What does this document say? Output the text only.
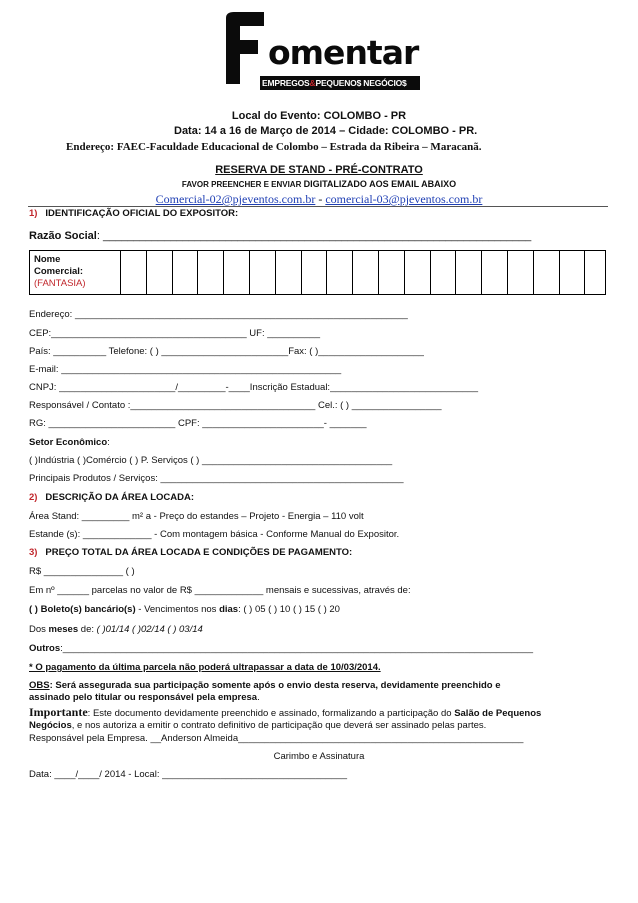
omentar
EMPREGOS&PEQUENO$ NEGÓCIO$
Local do Evento: COLOMBO - PR
Data: 14 a 16 de Março de 2014 – Cidade: COLOMBO - PR.
Endereço: FAEC-Faculdade Educacional de Colombo – Estrada da Ribeira – Maracanã.
RESERVA DE STAND - PRÉ-CONTRATO
FAVOR PREENCHER E ENVIAR DIGITALIZADO AOS EMAIL ABAIXO
Comercial-02@pjeventos.com.br - comercial-03@pjeventos.com.br
1) IDENTIFICAÇÃO OFICIAL DO EXPOSITOR:
Razão Social: ______________________________________________________________________
Nome
Comercial:
(FANTASIA)
Endereço: _______________________________________________________________
CEP:_____________________________________ UF: __________
País: __________ Telefone: ( ) ________________________Fax: ( )____________________
E-mail: _____________________________________________________
CNPJ: ______________________/_________-____Inscrição Estadual:____________________________
Responsável / Contato :___________________________________ Cel.: ( ) _________________
RG: ________________________ CPF: _______________________- _______
Setor Econômico:
( )Indústria ( )Comércio ( ) P. Serviços ( ) ____________________________________
Principais Produtos / Serviços: ______________________________________________
2) DESCRIÇÃO DA ÁREA LOCADA:
Área Stand: _________ m² a - Preço do estandes – Projeto - Energia – 110 volt
Estande (s): _____________ - Com montagem básica - Conforme Manual do Expositor.
3) PREÇO TOTAL DA ÁREA LOCADA E CONDIÇÕES DE PAGAMENTO:
R$ _______________ ( )
Em nº ______ parcelas no valor de R$ _____________ mensais e sucessivas, através de:
( ) Boleto(s) bancário(s) - Vencimentos nos dias: ( ) 05 ( ) 10 ( ) 15 ( ) 20
Dos meses de: ( )01/14 ( )02/14 ( ) 03/14
Outros:_________________________________________________________________________________________
* O pagamento da última parcela não poderá ultrapassar a data de 10/03/2014.
OBS: Será assegurada sua participação somente após o envio desta reserva, devidamente preenchido e
assinado pelo titular ou responsável pela empresa.
Importante: Este documento devidamente preenchido e assinado, formalizando a participação do Salão de Pequenos
Negócios, e nos autoriza a emitir o contrato definitivo de participação que deverá ser assinado pelas partes.
Responsável pela Empresa. __Anderson Almeida______________________________________________________
Carimbo e Assinatura
Data: ____/____/ 2014 - Local: ___________________________________
